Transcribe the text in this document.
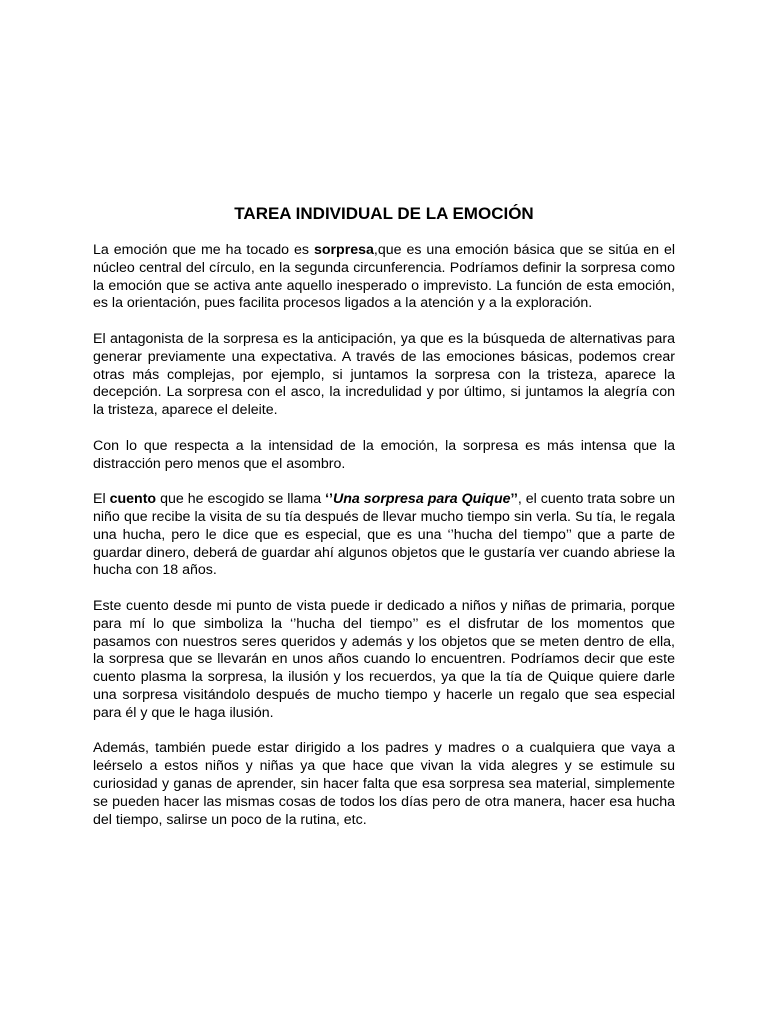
TAREA INDIVIDUAL DE LA EMOCIÓN

La emoción que me ha tocado es sorpresa,que es una emoción básica que se sitúa en el núcleo central del círculo, en la segunda circunferencia. Podríamos definir la sorpresa como la emoción que se activa ante aquello inesperado o imprevisto. La función de esta emoción, es la orientación, pues facilita procesos ligados a la atención y a la exploración.

El antagonista de la sorpresa es la anticipación, ya que es la búsqueda de alternativas para generar previamente una expectativa. A través de las emociones básicas, podemos crear otras más complejas, por ejemplo, si juntamos la sorpresa con la tristeza, aparece la decepción. La sorpresa con el asco, la incredulidad y por último, si juntamos la alegría con la tristeza, aparece el deleite.

Con lo que respecta a la intensidad de la emoción, la sorpresa es más intensa que la distracción pero menos que el asombro.

El cuento que he escogido se llama ‘’Una sorpresa para Quique’’, el cuento trata sobre un niño que recibe la visita de su tía después de llevar mucho tiempo sin verla. Su tía, le regala una hucha, pero le dice que es especial, que es una ‘’hucha del tiempo’’ que a parte de guardar dinero, deberá de guardar ahí algunos objetos que le gustaría ver cuando abriese la hucha con 18 años.

Este cuento desde mi punto de vista puede ir dedicado a niños y niñas de primaria, porque para mí lo que simboliza la ‘’hucha del tiempo’’ es el disfrutar de los momentos que pasamos con nuestros seres queridos y además y los objetos que se meten dentro de ella, la sorpresa que se llevarán en unos años cuando lo encuentren. Podríamos decir que este cuento plasma la sorpresa, la ilusión y los recuerdos, ya que la tía de Quique quiere darle una sorpresa visitándolo después de mucho tiempo y hacerle un regalo que sea especial para él y que le haga ilusión.

Además, también puede estar dirigido a los padres y madres o a cualquiera que vaya a leérselo a estos niños y niñas ya que hace que vivan la vida alegres y se estimule su curiosidad y ganas de aprender, sin hacer falta que esa sorpresa sea material, simplemente se pueden hacer las mismas cosas de todos los días pero de otra manera, hacer esa hucha del tiempo, salirse un poco de la rutina, etc.
